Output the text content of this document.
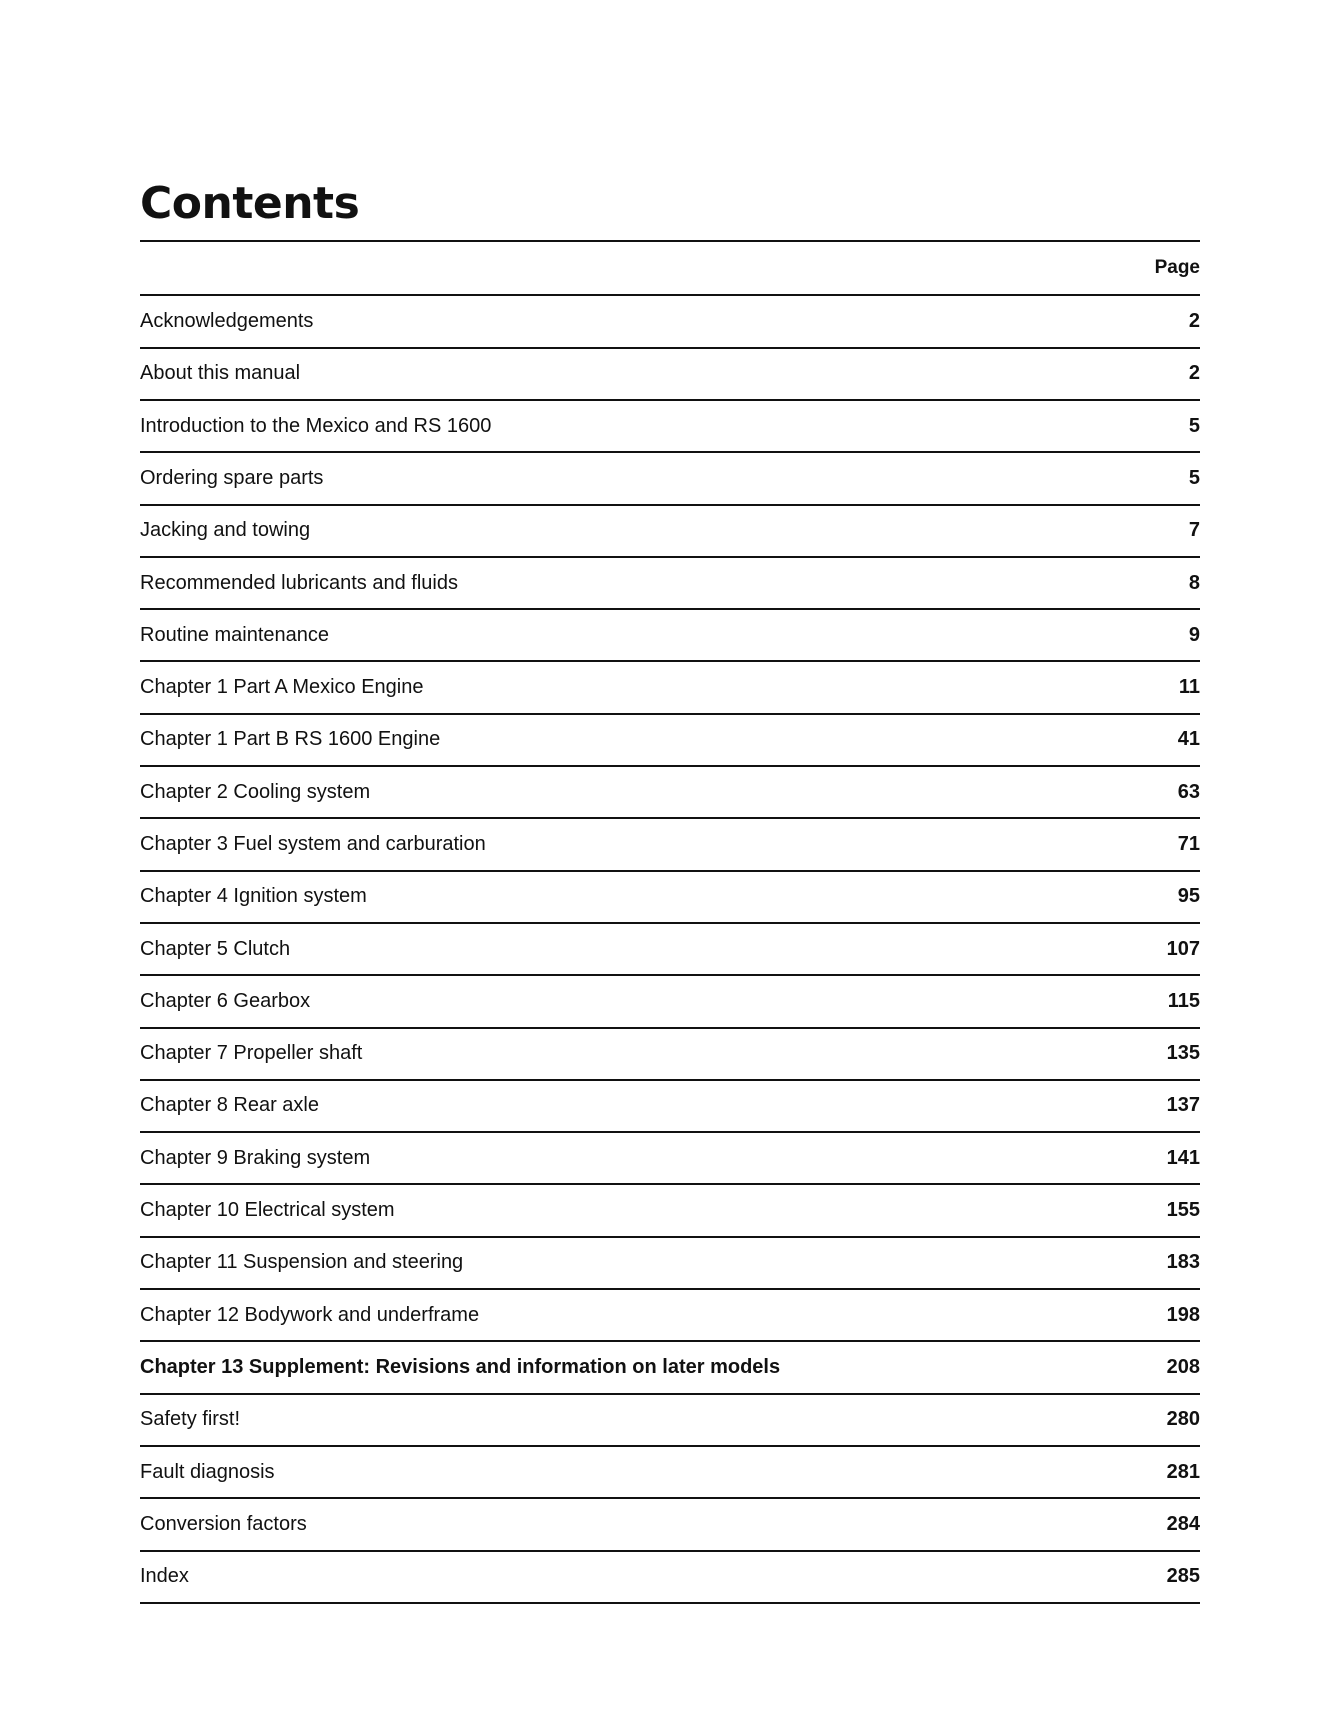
Contents
Page
Acknowledgements	2
About this manual	2
Introduction to the Mexico and RS 1600	5
Ordering spare parts	5
Jacking and towing	7
Recommended lubricants and fluids	8
Routine maintenance	9
Chapter 1 Part A Mexico Engine	11
Chapter 1 Part B RS 1600 Engine	41
Chapter 2 Cooling system	63
Chapter 3 Fuel system and carburation	71
Chapter 4 Ignition system	95
Chapter 5 Clutch	107
Chapter 6 Gearbox	115
Chapter 7 Propeller shaft	135
Chapter 8 Rear axle	137
Chapter 9 Braking system	141
Chapter 10 Electrical system	155
Chapter 11 Suspension and steering	183
Chapter 12 Bodywork and underframe	198
Chapter 13 Supplement: Revisions and information on later models	208
Safety first!	280
Fault diagnosis	281
Conversion factors	284
Index	285
